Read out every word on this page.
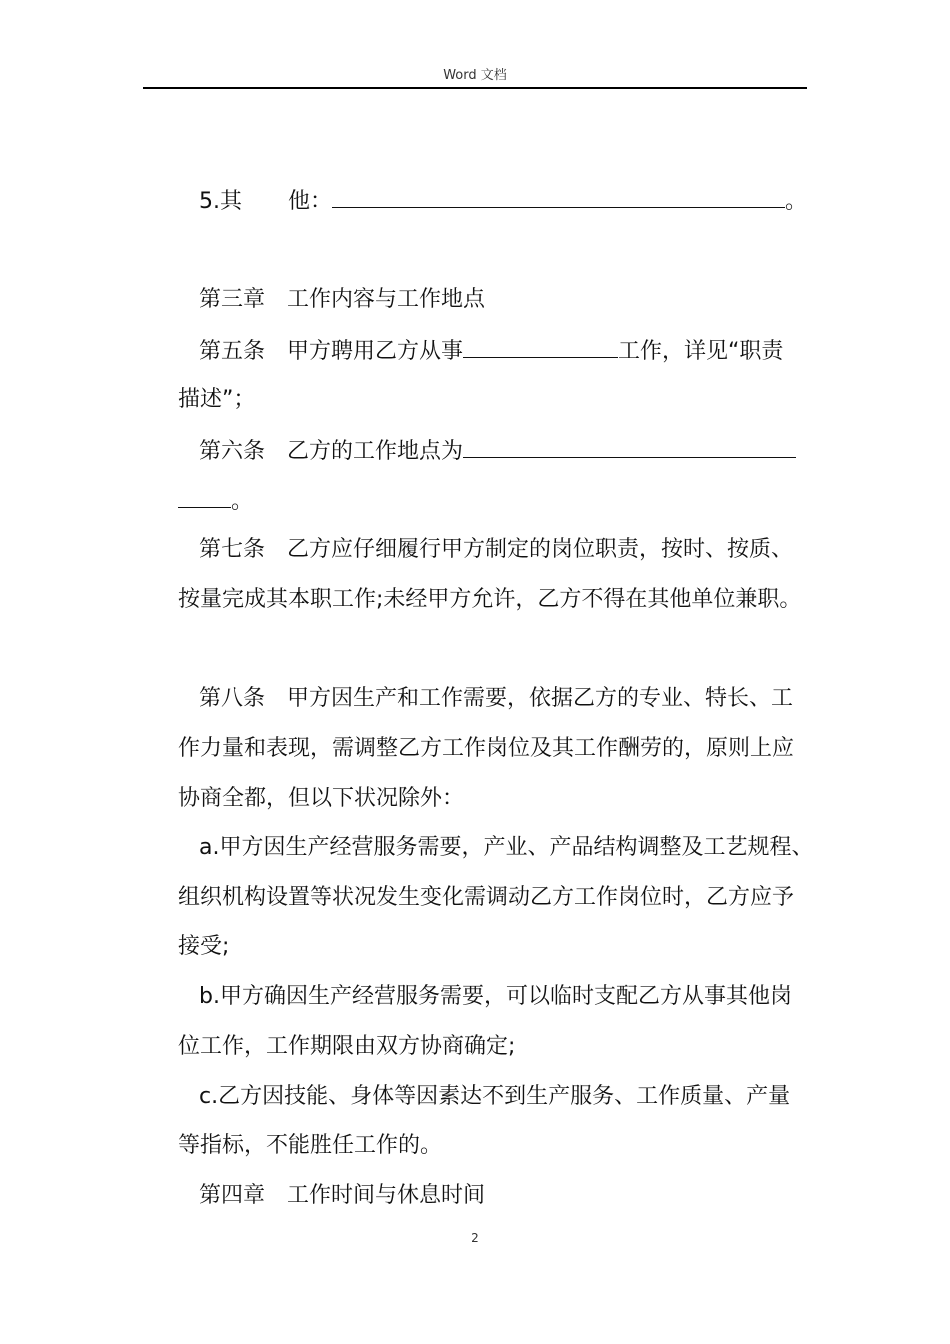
Word 文档
5.其 他：	。
第三章 工作内容与工作地点
第五条 甲方聘用乙方从事	工作，详见“职责
描述”；
第六条 乙方的工作地点为
。
第七条 乙方应仔细履行甲方制定的岗位职责，按时、按质、
按量完成其本职工作;未经甲方允许，乙方不得在其他单位兼职。
第八条 甲方因生产和工作需要，依据乙方的专业、特长、工
作力量和表现，需调整乙方工作岗位及其工作酬劳的，原则上应
协商全都，但以下状况除外：
a.甲方因生产经营服务需要，产业、产品结构调整及工艺规程、
组织机构设置等状况发生变化需调动乙方工作岗位时，乙方应予
接受;
b.甲方确因生产经营服务需要，可以临时支配乙方从事其他岗
位工作，工作期限由双方协商确定;
c.乙方因技能、身体等因素达不到生产服务、工作质量、产量
等指标，不能胜任工作的。
第四章 工作时间与休息时间
2
